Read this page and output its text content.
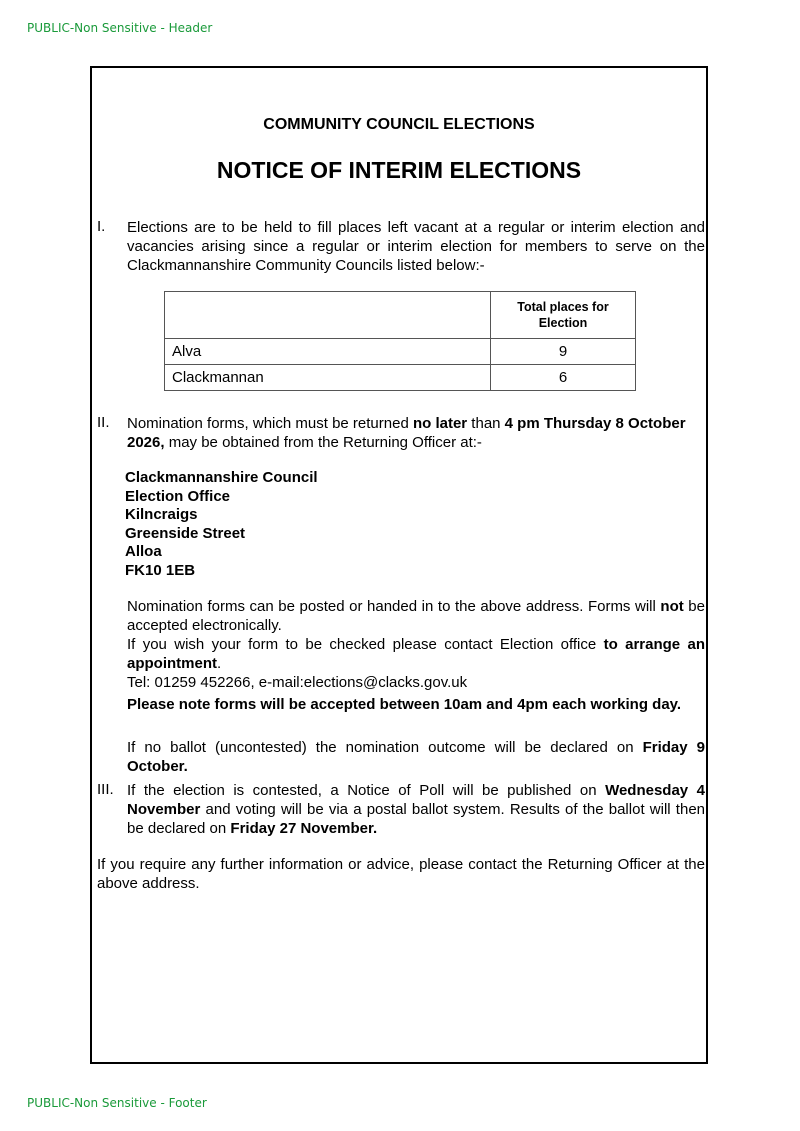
PUBLIC-Non Sensitive - Header
COMMUNITY COUNCIL ELECTIONS
NOTICE OF INTERIM ELECTIONS
I. Elections are to be held to fill places left vacant at a regular or interim election and vacancies arising since a regular or interim election for members to serve on the Clackmannanshire Community Councils listed below:-
	Total places for Election
Alva	9
Clackmannan	6
II. Nomination forms, which must be returned no later than 4 pm Thursday 8 October 2026, may be obtained from the Returning Officer at:-
Clackmannanshire Council
Election Office
Kilncraigs
Greenside Street
Alloa
FK10 1EB
Nomination forms can be posted or handed in to the above address. Forms will not be accepted electronically.
If you wish your form to be checked please contact Election office to arrange an appointment.
Tel: 01259 452266, e-mail:elections@clacks.gov.uk
Please note forms will be accepted between 10am and 4pm each working day.
If no ballot (uncontested) the nomination outcome will be declared on Friday 9 October.
III. If the election is contested, a Notice of Poll will be published on Wednesday 4 November and voting will be via a postal ballot system. Results of the ballot will then be declared on Friday 27 November.
If you require any further information or advice, please contact the Returning Officer at the above address.
PUBLIC-Non Sensitive - Footer
